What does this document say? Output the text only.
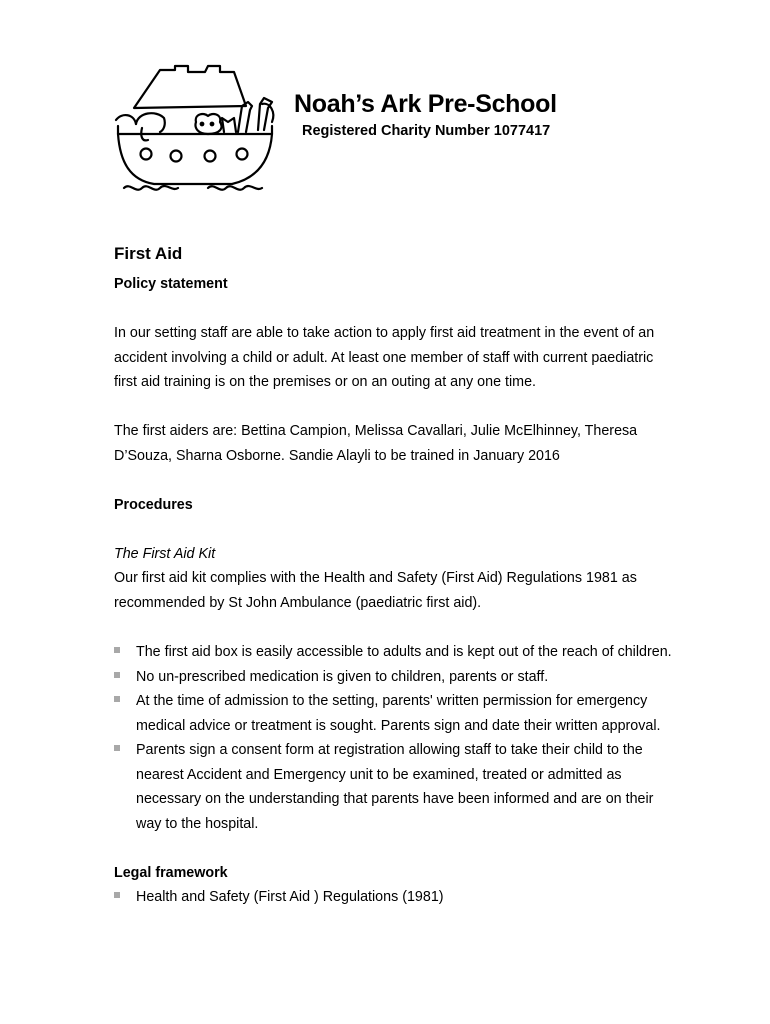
Noah’s Ark Pre-School
Registered Charity Number 1077417
First Aid
Policy statement
In our setting staff are able to take action to apply first aid treatment in the event of an
accident involving a child or adult. At least one member of staff with current paediatric
first aid training is on the premises or on an outing at any one time.
The first aiders are: Bettina Campion, Melissa Cavallari, Julie McElhinney, Theresa
D’Souza, Sharna Osborne. Sandie Alayli to be trained in January 2016
Procedures
The First Aid Kit
Our first aid kit complies with the Health and Safety (First Aid) Regulations 1981 as
recommended by St John Ambulance (paediatric first aid).
The first aid box is easily accessible to adults and is kept out of the reach of children.
No un-prescribed medication is given to children, parents or staff.
At the time of admission to the setting, parents' written permission for emergency
medical advice or treatment is sought. Parents sign and date their written approval.
Parents sign a consent form at registration allowing staff to take their child to the
nearest Accident and Emergency unit to be examined, treated or admitted as
necessary on the understanding that parents have been informed and are on their
way to the hospital.
Legal framework
Health and Safety (First Aid ) Regulations (1981)
